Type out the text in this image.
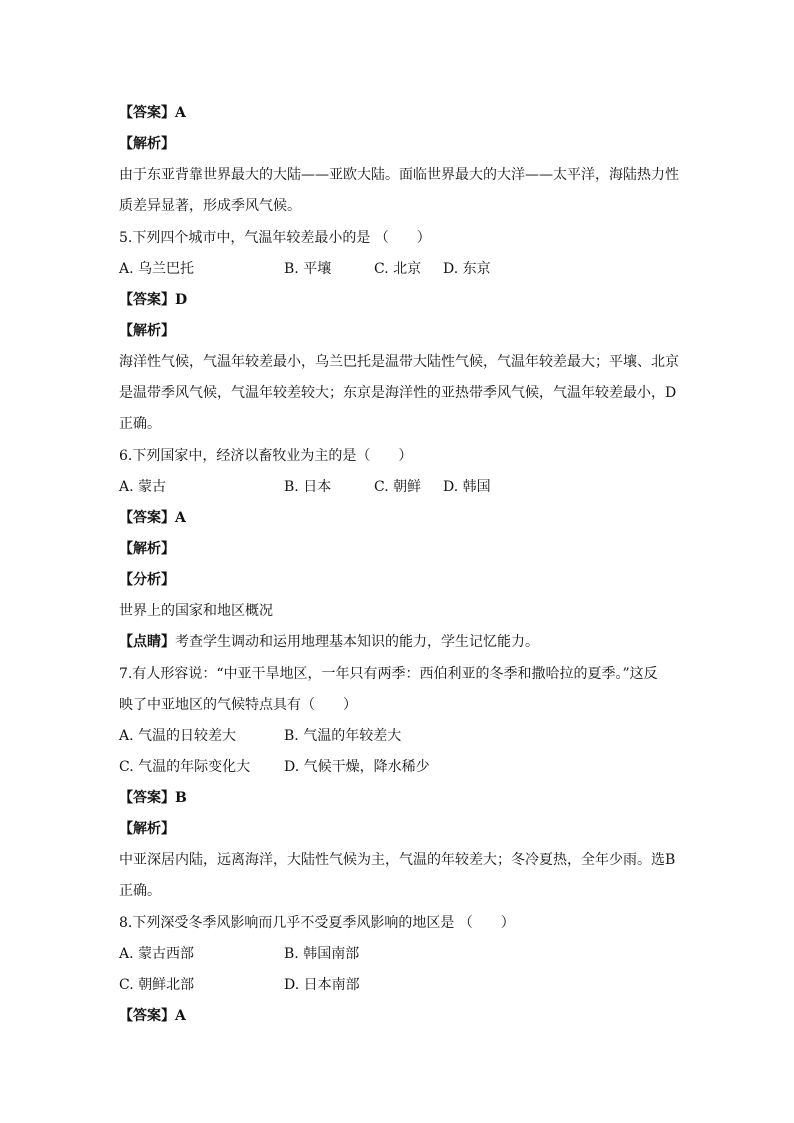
【答案】A
【解析】
由于东亚背靠世界最大的大陆——亚欧大陆。面临世界最大的大洋——太平洋，海陆热力性
质差异显著，形成季风气候。
5.下列四个城市中，气温年较差最小的是 （　　）
A. 乌兰巴托	B. 平壤	C. 北京 D. 东京
【答案】D
【解析】
海洋性气候，气温年较差最小，乌兰巴托是温带大陆性气候，气温年较差最大；平壤、北京
是温带季风气候，气温年较差较大；东京是海洋性的亚热带季风气候，气温年较差最小，D
正确。
6.下列国家中，经济以畜牧业为主的是（　　）
A. 蒙古	B. 日本	C. 朝鲜 D. 韩国
【答案】A
【解析】
【分析】
世界上的国家和地区概况
【点睛】考查学生调动和运用地理基本知识的能力，学生记忆能力。
7.有人形容说：“中亚干旱地区，一年只有两季：西伯利亚的冬季和撒哈拉的夏季。”这反
映了中亚地区的气候特点具有（　　）
A. 气温的日较差大	B. 气温的年较差大
C. 气温的年际变化大 D. 气候干燥，降水稀少
【答案】B
【解析】
中亚深居内陆，远离海洋，大陆性气候为主，气温的年较差大；冬冷夏热，全年少雨。选B
正确。
8.下列深受冬季风影响而几乎不受夏季风影响的地区是 （　　）
A. 蒙古西部	B. 韩国南部
C. 朝鲜北部	D. 日本南部
【答案】A
